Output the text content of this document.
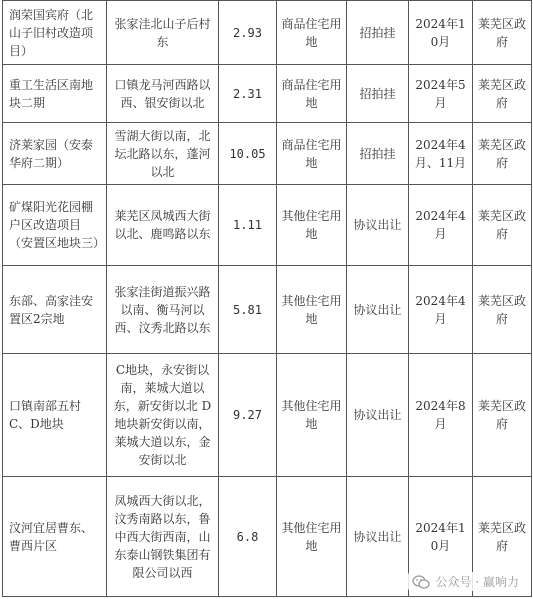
润荣国宾府（北山子旧村改造项目）	张家洼北山子后村东	2.93	商品住宅用地	招拍挂	2024年10月	莱芜区政府
重工生活区南地块二期	口镇龙马河西路以西、银安街以北	2.31	商品住宅用地	招拍挂	2024年5月	莱芜区政府
济莱家园（安泰华府二期）	雪湖大街以南，北坛北路以东，蓬河以北	10.05	商品住宅用地	招拍挂	2024年4月、11月	莱芜区政府
矿煤阳光花园棚户区改造项目（安置区地块三）	莱芜区凤城西大街以北、鹿鸣路以东	1.11	其他住宅用地	协议出让	2024年4月	莱芜区政府
东部、高家洼安置区2宗地	张家洼街道振兴路以南、衡马河以西、汶秀北路以东	5.81	其他住宅用地	协议出让	2024年4月	莱芜区政府
口镇南部五村C、D地块	C地块，永安街以南，莱城大道以东，新安街以北 D地块新安街以南，莱城大道以东，金安街以北	9.27	其他住宅用地	协议出让	2024年8月	莱芜区政府
汶河宜居曹东、曹西片区	凤城西大街以北，汶秀南路以东，鲁中西大街西南，山东泰山钢铁集团有限公司以西	6.8	其他住宅用地	协议出让	2024年10月	莱芜区政府
公众号 · 赢响力
